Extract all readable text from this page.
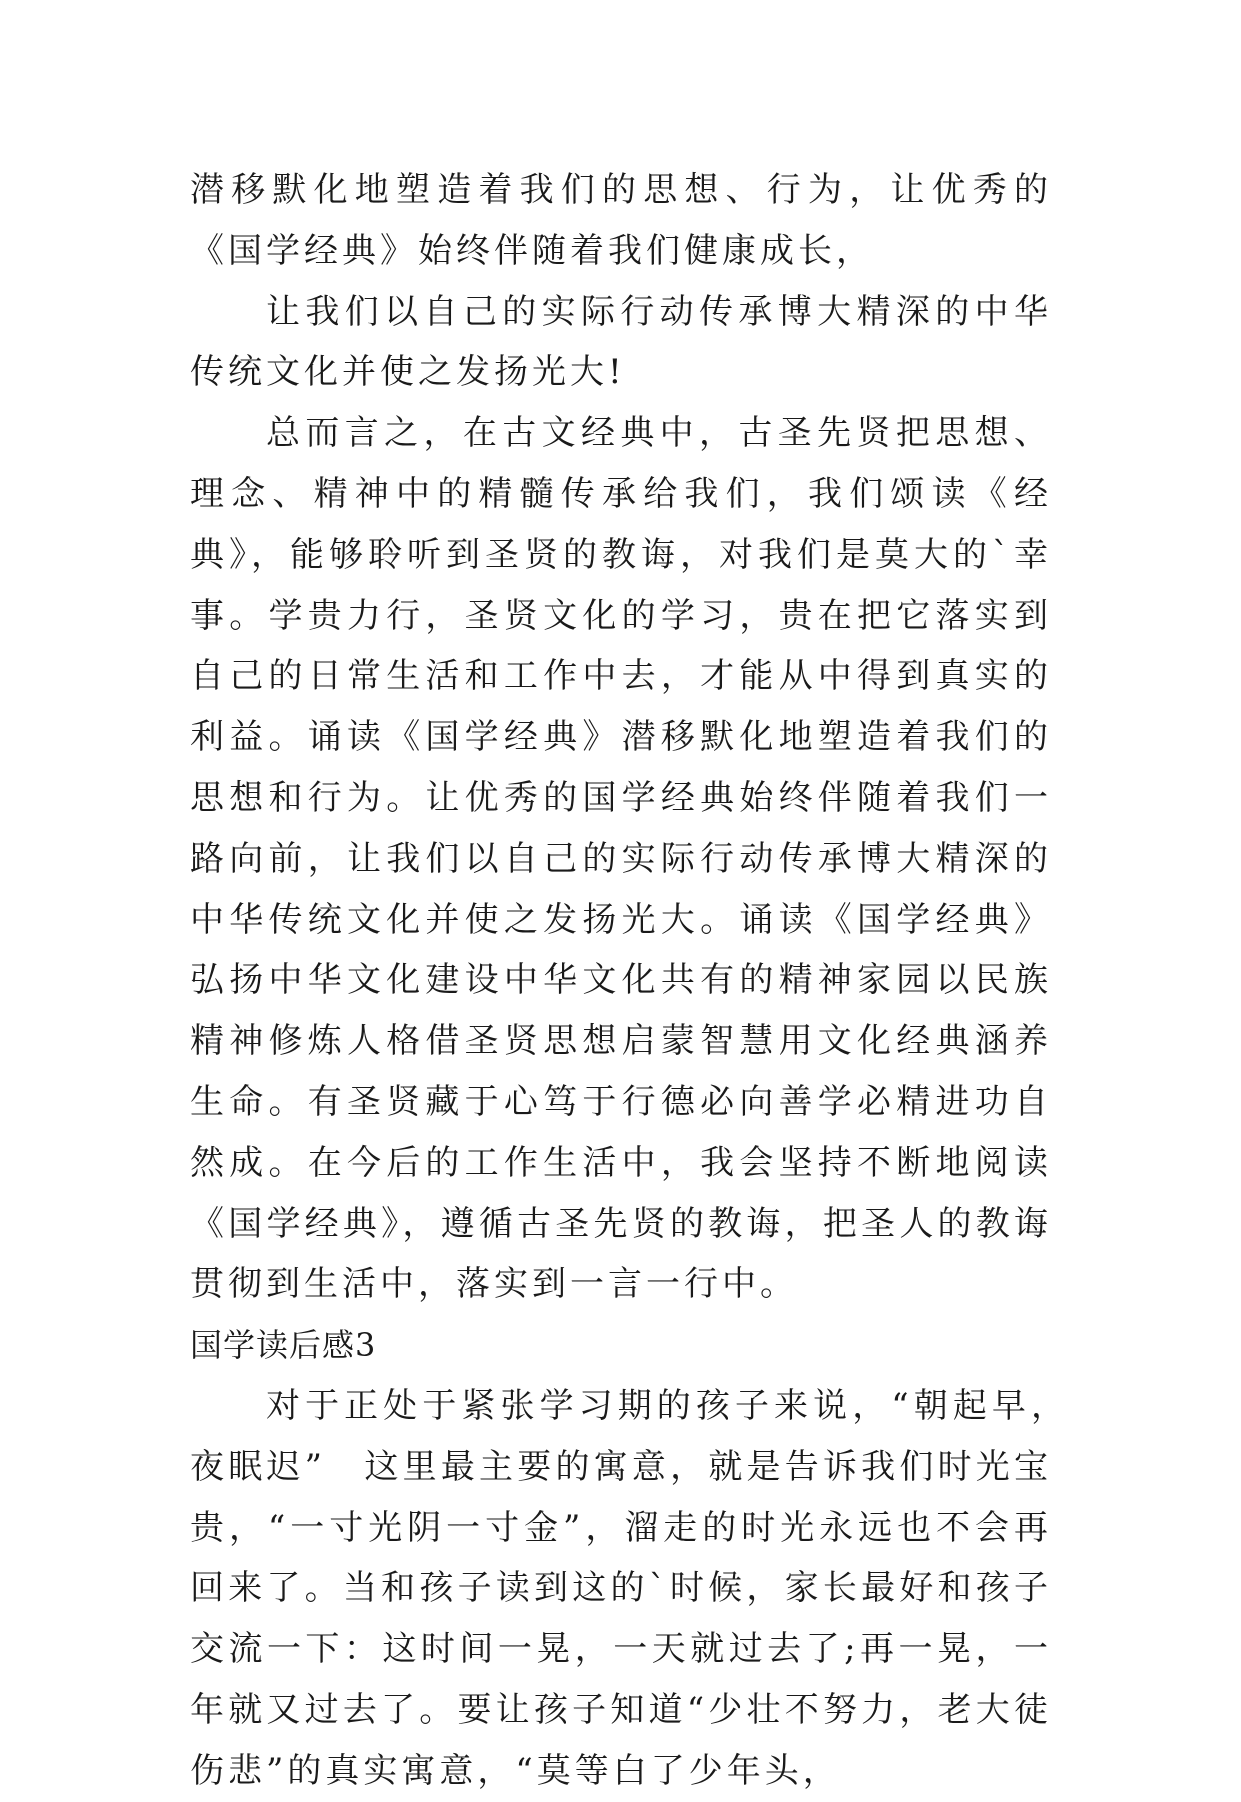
潜移默化地塑造着我们的思想、行为，让优秀的《国学经典》始终伴随着我们健康成长，

让我们以自己的实际行动传承博大精深的中华传统文化并使之发扬光大!

总而言之，在古文经典中，古圣先贤把思想、理念、精神中的精髓传承给我们，我们颂读《经典》，能够聆听到圣贤的教诲，对我们是莫大的`幸事。学贵力行，圣贤文化的学习，贵在把它落实到自己的日常生活和工作中去，才能从中得到真实的利益。诵读《国学经典》潜移默化地塑造着我们的思想和行为。让优秀的国学经典始终伴随着我们一路向前，让我们以自己的实际行动传承博大精深的中华传统文化并使之发扬光大。诵读《国学经典》弘扬中华文化建设中华文化共有的精神家园以民族精神修炼人格借圣贤思想启蒙智慧用文化经典涵养生命。有圣贤藏于心笃于行德必向善学必精进功自然成。在今后的工作生活中，我会坚持不断地阅读《国学经典》，遵循古圣先贤的教诲，把圣人的教诲贯彻到生活中，落实到一言一行中。

国学读后感3

对于正处于紧张学习期的孩子来说，“朝起早，　夜眠迟”　这里最主要的寓意，就是告诉我们时光宝贵，“一寸光阴一寸金”，溜走的时光永远也不会再回来了。当和孩子读到这的`时候，家长最好和孩子交流一下：这时间一晃，一天就过去了;再一晃，一年就又过去了。要让孩子知道“少壮不努力，老大徒伤悲”的真实寓意，“莫等白了少年头，
